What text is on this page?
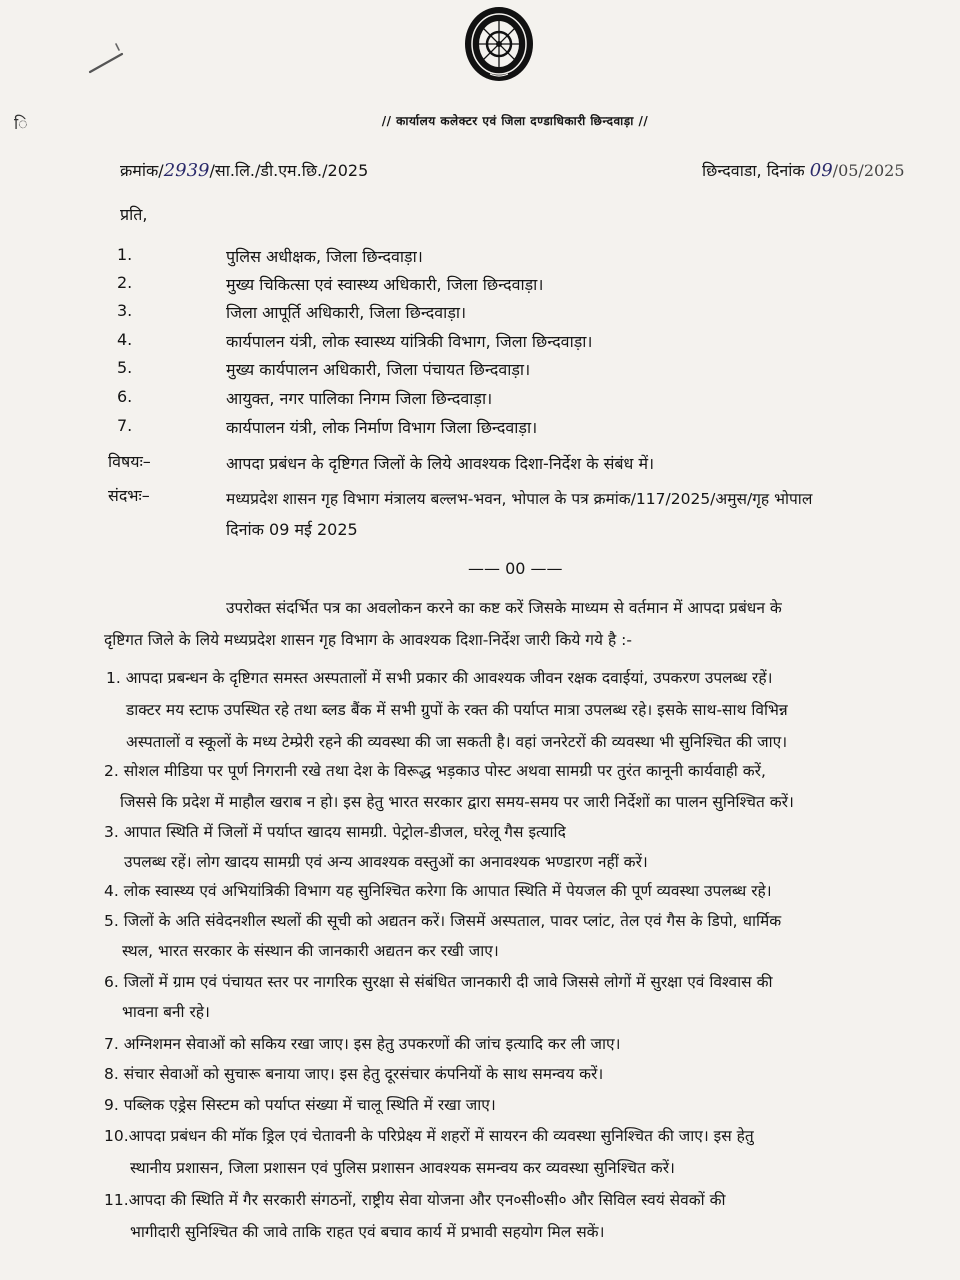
ि	// कार्यालय कलेक्टर एवं जिला दण्डाधिकारी छिन्दवाड़ा //
क्रमांक/2939/सा.लि./डी.एम.छि./2025	छिन्दवाडा, दिनांक 09/05/2025
प्रति,
1.	पुलिस अधीक्षक, जिला छिन्दवाड़ा।
2.	मुख्य चिकित्सा एवं स्वास्थ्य अधिकारी, जिला छिन्दवाड़ा।
3.	जिला आपूर्ति अधिकारी, जिला छिन्दवाड़ा।
4.	कार्यपालन यंत्री, लोक स्वास्थ्य यांत्रिकी विभाग, जिला छिन्दवाड़ा।
5.	मुख्य कार्यपालन अधिकारी, जिला पंचायत छिन्दवाड़ा।
6.	आयुक्त, नगर पालिका निगम जिला छिन्दवाड़ा।
7.	कार्यपालन यंत्री, लोक निर्माण विभाग जिला छिन्दवाड़ा।
विषयः–	आपदा प्रबंधन के दृष्टिगत जिलों के लिये आवश्यक दिशा-निर्देश के संबंध में।
संदभः–	मध्यप्रदेश शासन गृह विभाग मंत्रालय बल्लभ-भवन, भोपाल के पत्र क्रमांक/117/2025/अमुस/गृह भोपाल
दिनांक 09 मई 2025
—— 00 ——
उपरोक्त संदर्भित पत्र का अवलोकन करने का कष्ट करें जिसके माध्यम से वर्तमान में आपदा प्रबंधन के
दृष्टिगत जिले के लिये मध्यप्रदेश शासन गृह विभाग के आवश्यक दिशा-निर्देश जारी किये गये है :-
1. आपदा प्रबन्धन के दृष्टिगत समस्त अस्पतालों में सभी प्रकार की आवश्यक जीवन रक्षक दवाईयां, उपकरण उपलब्ध रहें।
डाक्टर मय स्टाफ उपस्थित रहे तथा ब्लड बैंक में सभी ग्रुपों के रक्त की पर्याप्त मात्रा उपलब्ध रहे। इसके साथ-साथ विभिन्न
अस्पतालों व स्कूलों के मध्य टेम्प्रेरी रहने की व्यवस्था की जा सकती है। वहां जनरेटरों की व्यवस्था भी सुनिश्चित की जाए।
2. सोशल मीडिया पर पूर्ण निगरानी रखे तथा देश के विरूद्ध भड़काउ पोस्ट अथवा सामग्री पर तुरंत कानूनी कार्यवाही करें,
जिससे कि प्रदेश में माहौल खराब न हो। इस हेतु भारत सरकार द्वारा समय-समय पर जारी निर्देशों का पालन सुनिश्चित करें।
3. आपात स्थिति में जिलों में पर्याप्त खादय सामग्री. पेट्रोल-डीजल, घरेलू गैस इत्यादि
उपलब्ध रहें। लोग खादय सामग्री एवं अन्य आवश्यक वस्तुओं का अनावश्यक भण्डारण नहीं करें।
4. लोक स्वास्थ्य एवं अभियांत्रिकी विभाग यह सुनिश्चित करेगा कि आपात स्थिति में पेयजल की पूर्ण व्यवस्था उपलब्ध रहे।
5. जिलों के अति संवेदनशील स्थलों की सूची को अद्यतन करें। जिसमें अस्पताल, पावर प्लांट, तेल एवं गैस के डिपो, धार्मिक
स्थल, भारत सरकार के संस्थान की जानकारी अद्यतन कर रखी जाए।
6. जिलों में ग्राम एवं पंचायत स्तर पर नागरिक सुरक्षा से संबंधित जानकारी दी जावे जिससे लोगों में सुरक्षा एवं विश्वास की
भावना बनी रहे।
7. अग्निशमन सेवाओं को सकिय रखा जाए। इस हेतु उपकरणों की जांच इत्यादि कर ली जाए।
8. संचार सेवाओं को सुचारू बनाया जाए। इस हेतु दूरसंचार कंपनियों के साथ समन्वय करें।
9. पब्लिक एड्रेस सिस्टम को पर्याप्त संख्या में चालू स्थिति में रखा जाए।
10.आपदा प्रबंधन की मॉक ड्रिल एवं चेतावनी के परिप्रेक्ष्य में शहरों में सायरन की व्यवस्था सुनिश्चित की जाए। इस हेतु
स्थानीय प्रशासन, जिला प्रशासन एवं पुलिस प्रशासन आवश्यक समन्वय कर व्यवस्था सुनिश्चित करें।
11.आपदा की स्थिति में गैर सरकारी संगठनों, राष्ट्रीय सेवा योजना और एन०सी०सी० और सिविल स्वयं सेवकों की
भागीदारी सुनिश्चित की जावे ताकि राहत एवं बचाव कार्य में प्रभावी सहयोग मिल सकें।
